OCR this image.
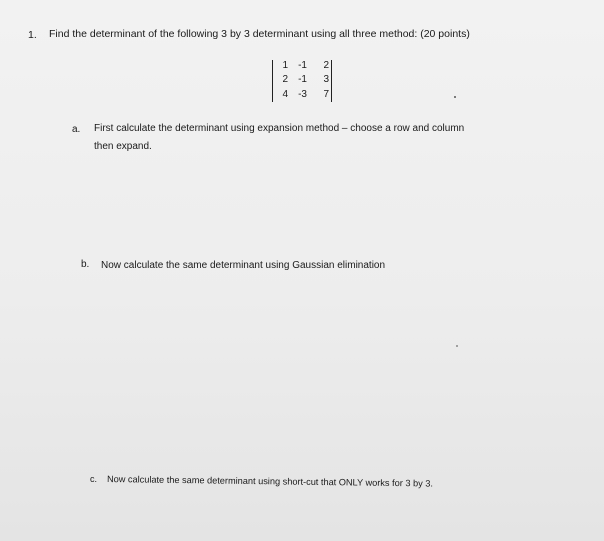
1. Find the determinant of the following 3 by 3 determinant using all three method: (20 points)
1	-1	2
2	-1	3
4	-3	7
a. First calculate the determinant using expansion method – choose a row and column
then expand.
b. Now calculate the same determinant using Gaussian elimination
c. Now calculate the same determinant using short-cut that ONLY works for 3 by 3.
